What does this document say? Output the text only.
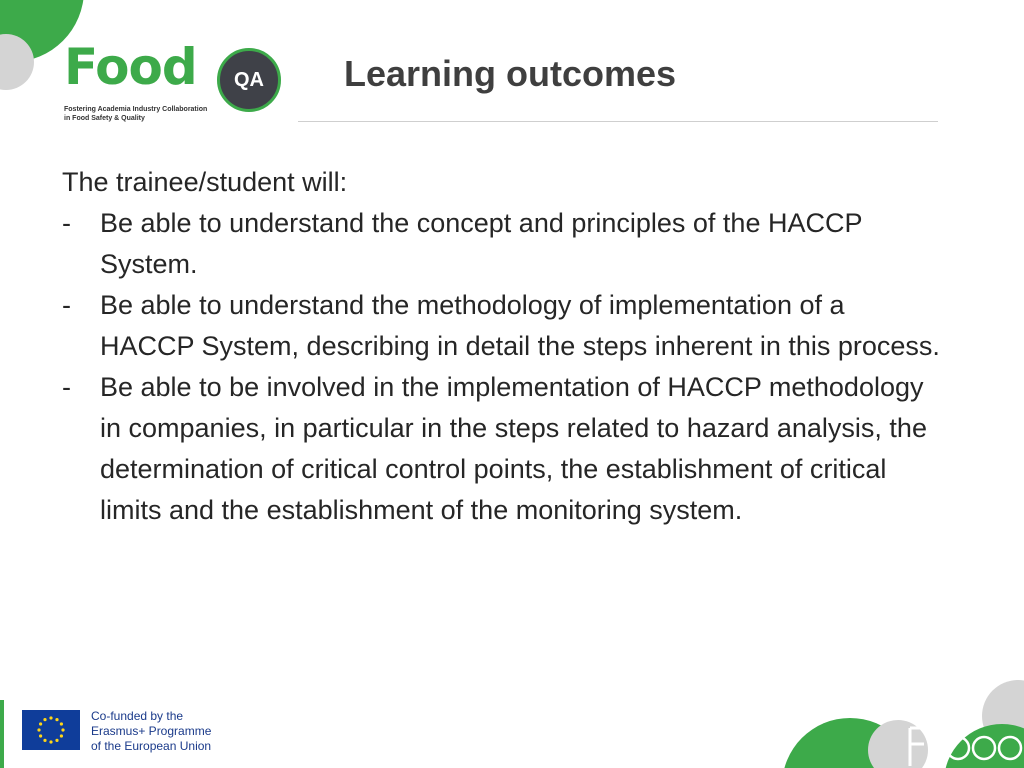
Food	QA
Fostering Academia Industry Collaboration
in Food Safety & Quality
Learning outcomes

The trainee/student will:

-	Be able to understand the concept and principles of the HACCP System.
-	Be able to understand the methodology of implementation of a HACCP System, describing in detail the steps inherent in this process.
-	Be able to be involved in the implementation of HACCP methodology in companies, in particular in the steps related to hazard analysis, the determination of critical control points, the establishment of critical limits and the establishment of the monitoring system.
Co-funded by the
Erasmus+ Programme
of the European Union
